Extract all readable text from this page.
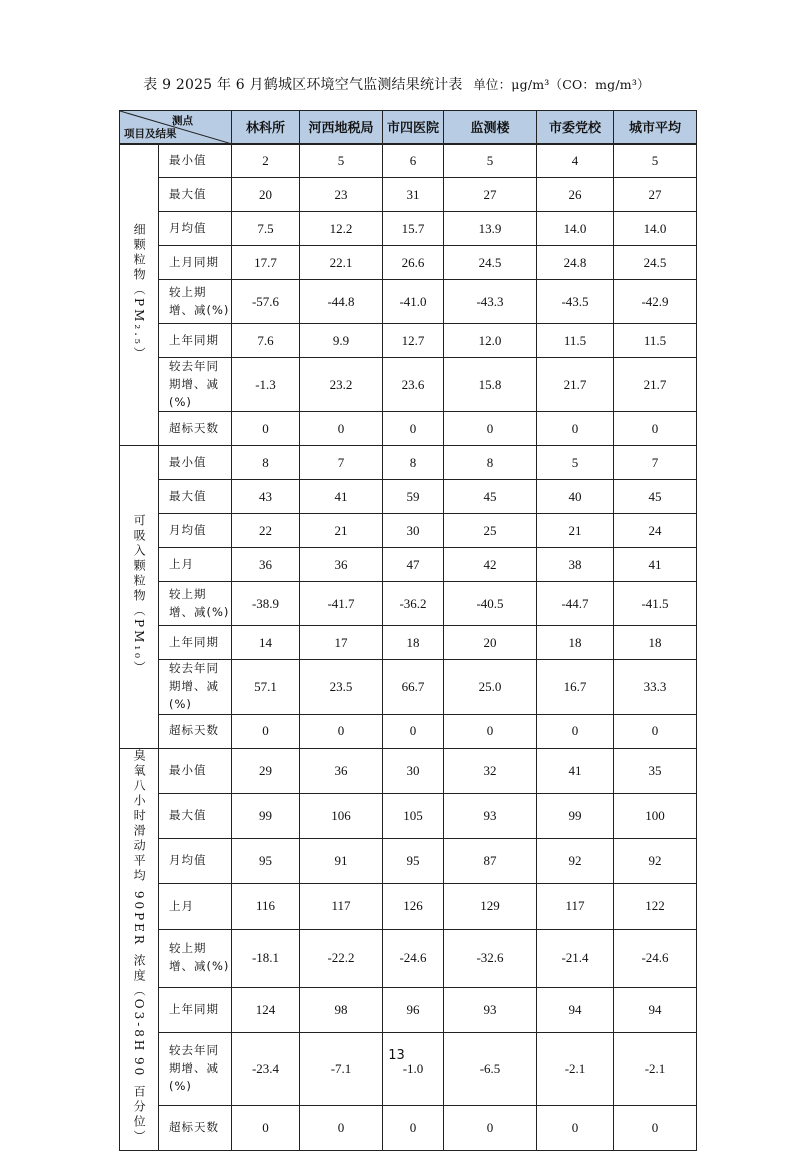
表 9 2025 年 6 月鹤城区环境空气监测结果统计表 单位：μg/m³（CO：mg/m³）
测点
项目及结果		林科所	河西地税局	市四医院	监测楼	市委党校	城市平均
细颗粒物（PM₂.₅）	最小值	2	5	6	5	4	5
	最大值	20	23	31	27	26	27
	月均值	7.5	12.2	15.7	13.9	14.0	14.0
	上月同期	17.7	22.1	26.6	24.5	24.8	24.5
	较上期增、减(%)	-57.6	-44.8	-41.0	-43.3	-43.5	-42.9
	上年同期	7.6	9.9	12.7	12.0	11.5	11.5
	较去年同期增、减(%)	-1.3	23.2	23.6	15.8	21.7	21.7
	超标天数	0	0	0	0	0	0
可吸入颗粒物（PM₁₀）	最小值	8	7	8	8	5	7
	最大值	43	41	59	45	40	45
	月均值	22	21	30	25	21	24
	上月	36	36	47	42	38	41
	较上期增、减(%)	-38.9	-41.7	-36.2	-40.5	-44.7	-41.5
	上年同期	14	17	18	20	18	18
	较去年同期增、减(%)	57.1	23.5	66.7	25.0	16.7	33.3
	超标天数	0	0	0	0	0	0
臭氧八小时滑动平均 90PER 浓度（O3-8H90 百分位）	最小值	29	36	30	32	41	35
	最大值	99	106	105	93	99	100
	月均值	95	91	95	87	92	92
	上月	116	117	126	129	117	122
	较上期增、减(%)	-18.1	-22.2	-24.6	-32.6	-21.4	-24.6
	上年同期	124	98	96	93	94	94
	较去年同期增、减(%)	-23.4	-7.1	-1.0	-6.5	-2.1	-2.1
	超标天数	0	0	0	0	0	0
13
